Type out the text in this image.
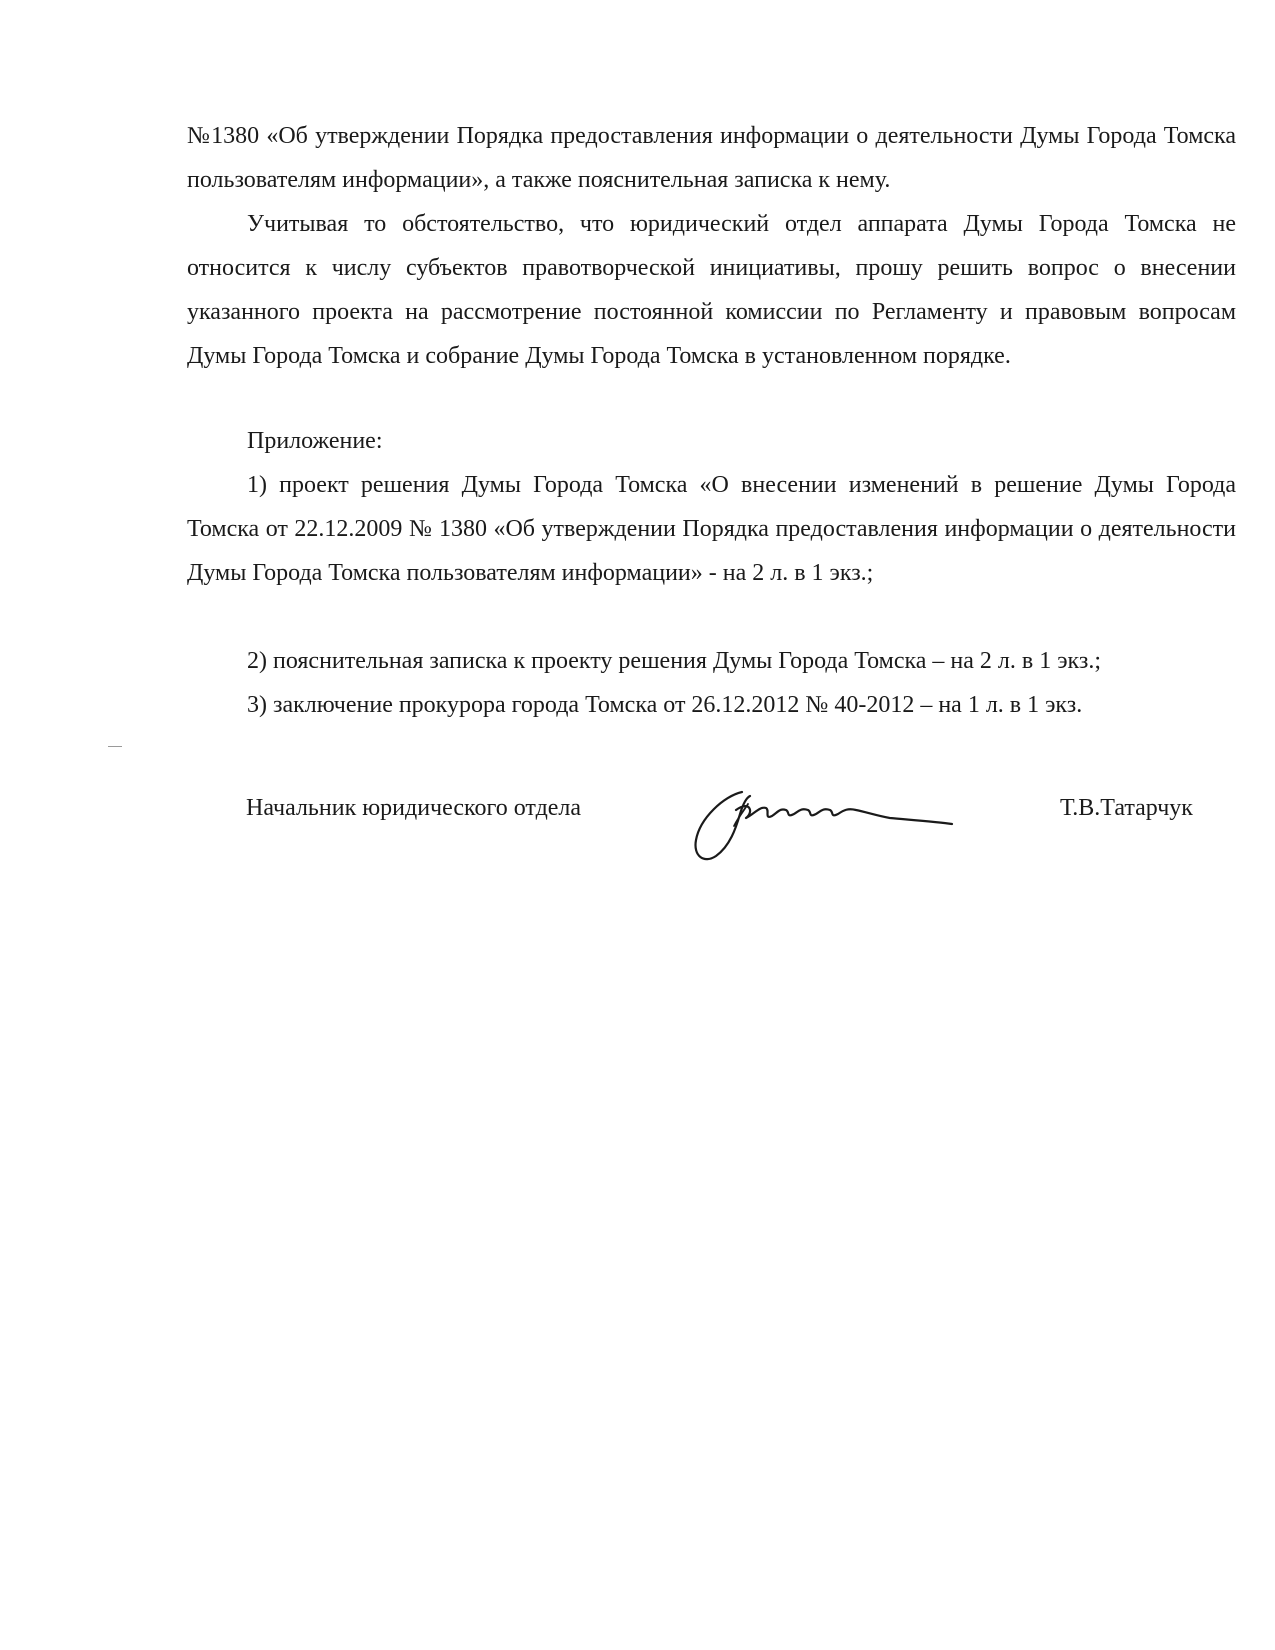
№1380 «Об утверждении Порядка предоставления информации о деятельности Думы Города Томска пользователям информации», а также пояснительная записка к нему.

Учитывая то обстоятельство, что юридический отдел аппарата Думы Города Томска не относится к числу субъектов правотворческой инициативы, прошу решить вопрос о внесении указанного проекта на рассмотрение постоянной комиссии по Регламенту и правовым вопросам Думы Города Томска и собрание Думы Города Томска в установленном порядке.

Приложение:

1) проект решения Думы Города Томска «О внесении изменений в решение Думы Города Томска от 22.12.2009 № 1380 «Об утверждении Порядка предоставления информации о деятельности Думы Города Томска пользователям информации» - на 2 л. в 1 экз.;

2) пояснительная записка к проекту решения Думы Города Томска – на 2 л. в 1 экз.;

3) заключение прокурора города Томска от 26.12.2012 № 40-2012 – на 1 л. в 1 экз.

Начальник юридического отдела	Т.В.Татарчук
